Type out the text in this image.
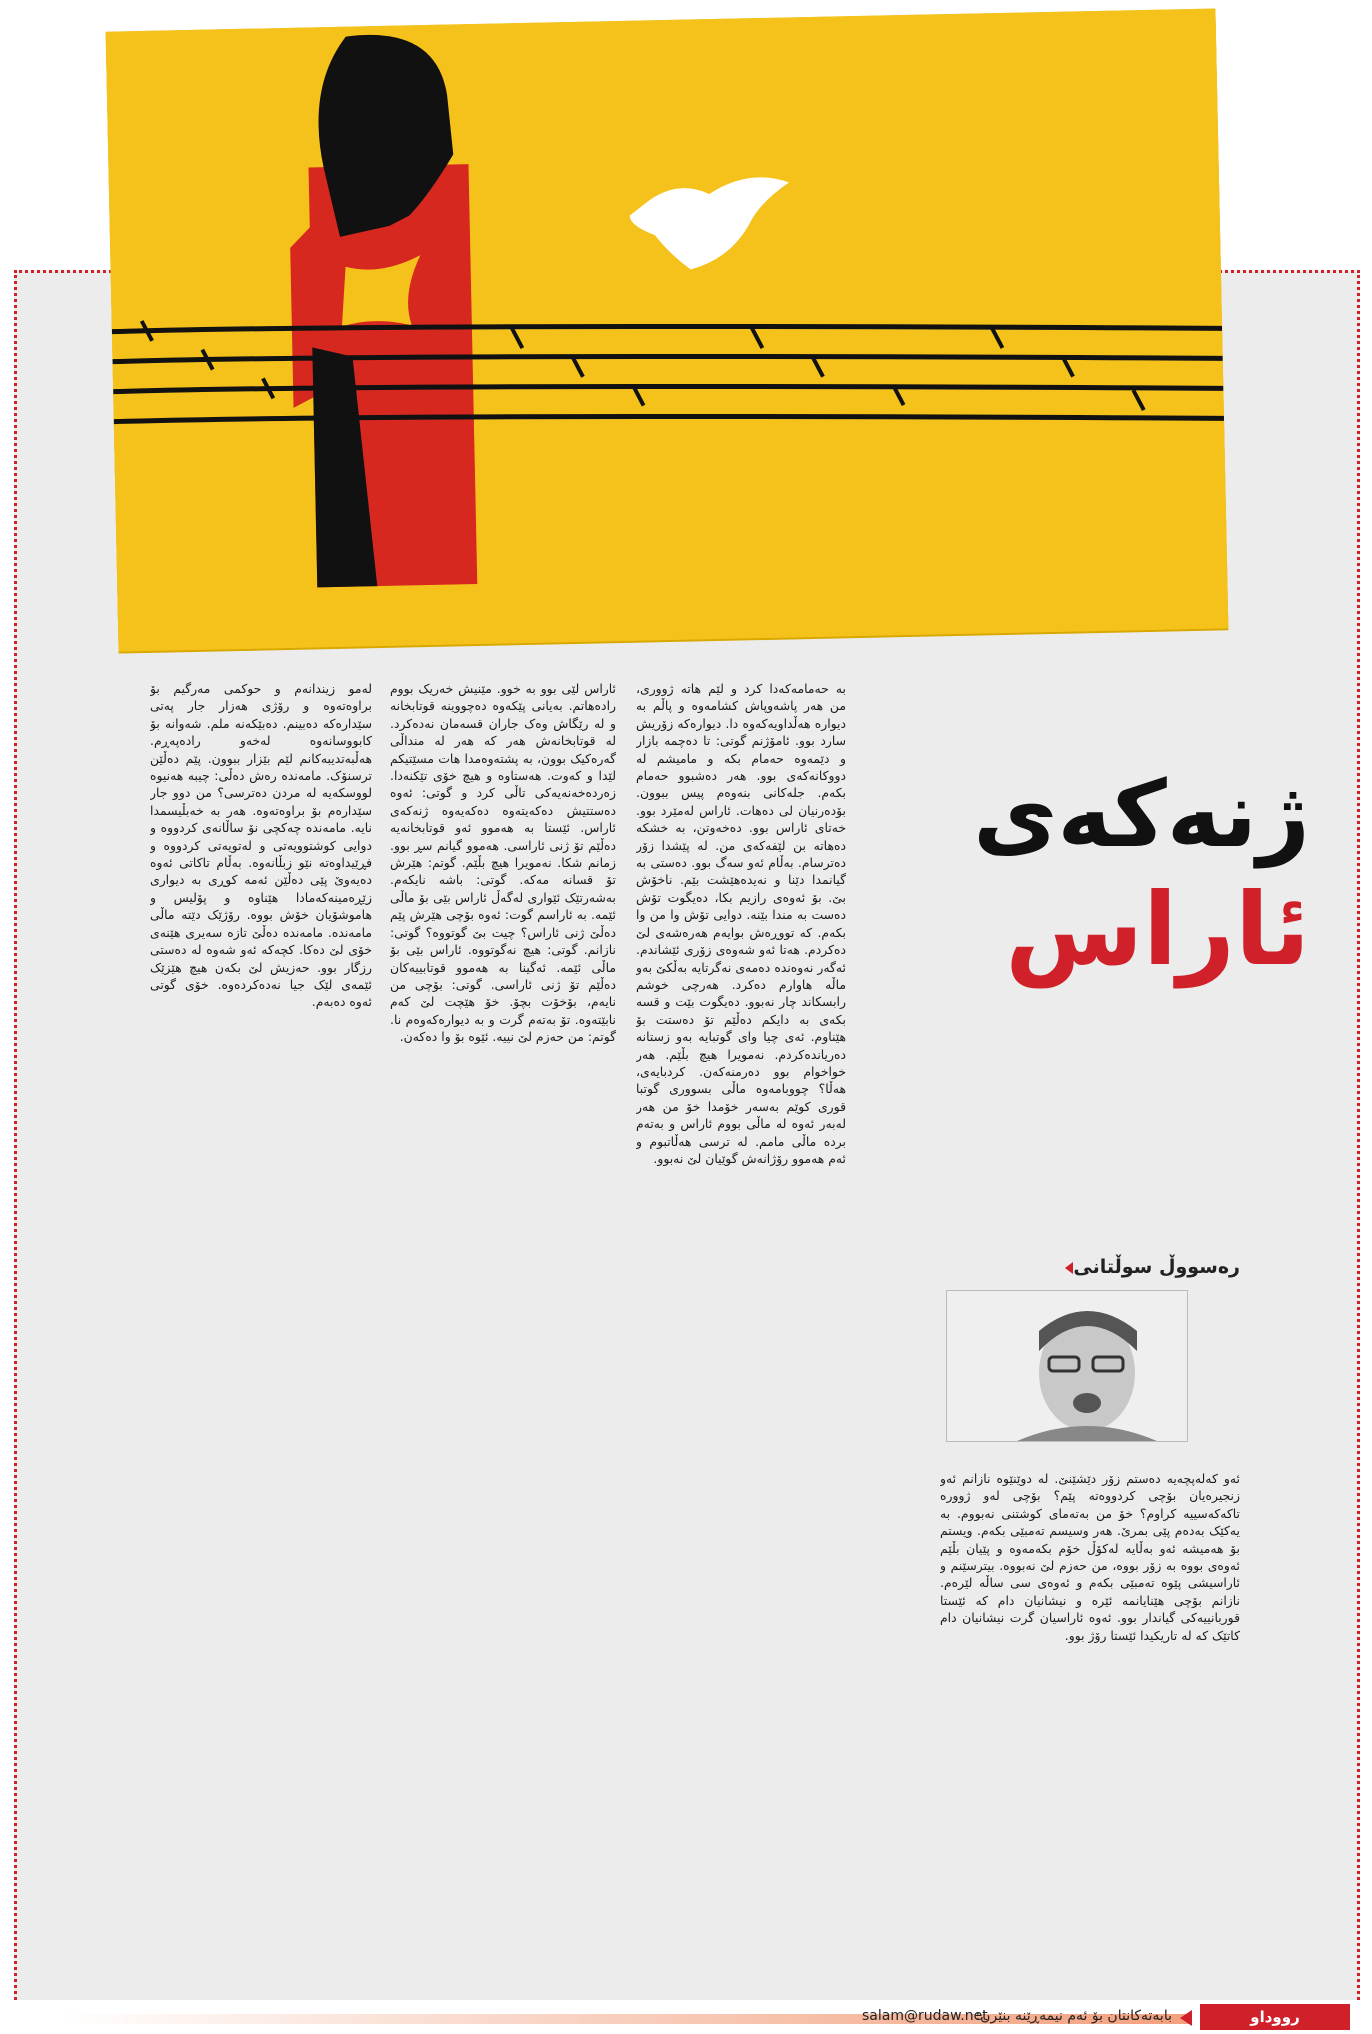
ژنەکەی
ئاراس
رەسووڵ سوڵتانی

بە حەمامەکەدا کرد و لێم هاتە ژووری، من هەر پاشەوپاش کشامەوە و پاڵم بە دیوارە هەڵداویەکەوە دا. دیوارەکە زۆریش سارد بوو. ئامۆژنم گوتی: تا دەچمە بازار و دێمەوە حەمام بکە و مامیشم لە دووکانەکەی بوو. هەر دەشبوو حەمام بکەم. جلەکانی بنەوەم پیس ببوون. بۆدەرنیان لی دەهات. ئاراس لەمێرد بوو. خەتای ئاراس بوو. دەخەوتن، بە خشکە دەهاتە بن لێفەکەی من. لە پێشدا زۆر دەترسام. بەڵام ئەو سەگ بوو. دەستی بە گیانمدا دێنا و نەیدەهێشت بێم. ناخۆش بێ. بۆ ئەوەی رازیم بکا، دەیگوت تۆش دەست بە مندا بێنە. دوایی تۆش وا من وا بکەم. کە تووڕەش بوایەم هەرەشەی لێ دەکردم. هەتا ئەو شەوەی زۆری ئێشاندم. ئەگەر نەوەندە دەمەی نەگرتایە بەڵکێ بەو ماڵە هاوارم دەکرد. هەرچی خوشم رابسکاند چار نەبوو. دەیگوت بێت و قسە بکەی بە دایکم دەڵێم تۆ دەستت بۆ هێناوم. ئەی چیا وای گوتبایە بەو زستانە دەریاندەکردم. نەمویرا هیچ بڵێم. هەر خواخوام بوو دەرمنەکەن. کردبایەی، هەڵا؟ چووبامەوە ماڵی بسووری گوتبا قوری کوێم بەسەر خۆمدا خۆ من هەر لەبەر ئەوە لە ماڵی بووم ئاراس و بەتەم بردە ماڵی مامم. لە ترسی هەڵاتبوم و ئەم هەموو رۆژانەش گوێیان لێ نەبوو.

ئاراس لێی بوو بە خوو. مێنیش خەریک بووم رادەهاتم. بەیانی پێکەوە دەچووینە قوتابخانە و لە رێگاش وەک جاران قسەمان نەدەکرد. لە قوتابخانەش هەر کە هەر لە منداڵی گەرەکیک بوون، بە پشتەوەمدا هات مسێتیکم لێدا و کەوت. هەستاوە و هیچ خۆی تێکنەدا. زەردەخەنەیەکی تاڵی کرد و گوتی: ئەوە دەستتیش دەکەیتەوە دەکەیەوە ژنەکەی ئاراس. ئێستا بە هەموو ئەو قوتابخانەیە دەڵێم تۆ ژنی ئاراسی. هەموو گیانم سڕ بوو. زمانم شکا. نەمویرا هیچ بڵێم. گوتم: هێرش تۆ قسانە مەکە. گوتی: باشە نایکەم. بەشەرتێک ئێواری لەگەڵ ئاراس بێی بۆ ماڵی ئێمە. بە ئاراسم گوت: ئەوە بۆچی هێرش پێم دەڵێ ژنی ئاراس؟ چیت بێ گوتووە؟ گوتی: نازانم. گوتی: هیچ نەگوتووە. ئاراس بێی بۆ ماڵی ئێمە. ئەگینا بە هەموو قوتابییەکان دەڵێم تۆ ژنی ئاراسی. گوتی: بۆچی من نایەم، بۆخۆت بچۆ. خۆ هێچت لێ کەم نابێتەوە. تۆ بەتەم گرت و بە دیوارەکەوەم نا. گوتم: من حەزم لێ نییە. ئێوە بۆ وا دەکەن.

لەمو زیندانەم و حوکمی مەرگیم بۆ براوەتەوە و رۆژی هەزار جار پەتی سێدارەکە دەبینم. دەبێکەنە ملم. شەوانە بۆ کابووسانەوە لەخەو رادەپەڕم. هەڵبەتدیبەکانم لێم بێزار ببوون. پێم دەڵێن ترسنۆک. مامەندە رەش دەڵی: چیبە هەنیوە لووسکەیە لە مردن دەترسی؟ من دوو جار سێدارەم بۆ براوەتەوە. هەر بە خەبڵیسمدا نایە. مامەندە چەکچی نۆ ساڵانەی کردووە و دوایی کوشتوویەتی و لەتویەتی کردووە و فڕێیداوەتە نێو زبڵانەوە. بەڵام تاکاتی ئەوە دەیەوێ پێی دەڵێن ئەمە کوڕی بە دیواری زێڕەمینەکەمادا هێناوە و پۆلیس و هاموشۆیان خۆش بووە. رۆژێک دێتە ماڵی مامەندە. مامەندە دەڵێ تازە سەیری هێنەی خۆی لێ دەکا. کچەکە ئەو شەوە لە دەستی رزگار بوو. حەزیش لێ بکەن هیچ هێزێک ئێمەی لێک جیا نەدەکردەوە. خۆی گوتی ئەوە دەبەم.

ئەو کەلەپچەیە دەستم زۆر دێشێنێ. لە دوێنێوە نازانم ئەو زنجیرەیان بۆچی کردووەتە پێم؟ بۆچی لەو ژوورە تاکەکەسییە کراوم؟ خۆ من بەتەمای کوشتنی نەبووم. بە یەکێک بەدەم پێی بمرێ. هەر وسیسم تەمبێی بکەم. ویستم بۆ هەمیشە ئەو بەڵایە لەکۆڵ خۆم بکەمەوە و پێیان بڵێم ئەوەی بووە بە زۆر بووە، من حەزم لێ نەبووە. بیترسێنم و ئاراسیشی پێوە تەمبێی بکەم و ئەوەی سی ساڵە لێرەم. نازانم بۆچی هێنایانمە ئێرە و نیشانیان دام کە ئێستا قوربانییەکی گیاندار بوو. ئەوە ئاراسیان گرت نیشانیان دام کاتێک کە لە تاریکیدا ئێستا رۆژ بوو.

salam@rudaw.net
بابەتەکانتان بۆ ئەم نیمەڕێنە بنێرن:	رووداو
